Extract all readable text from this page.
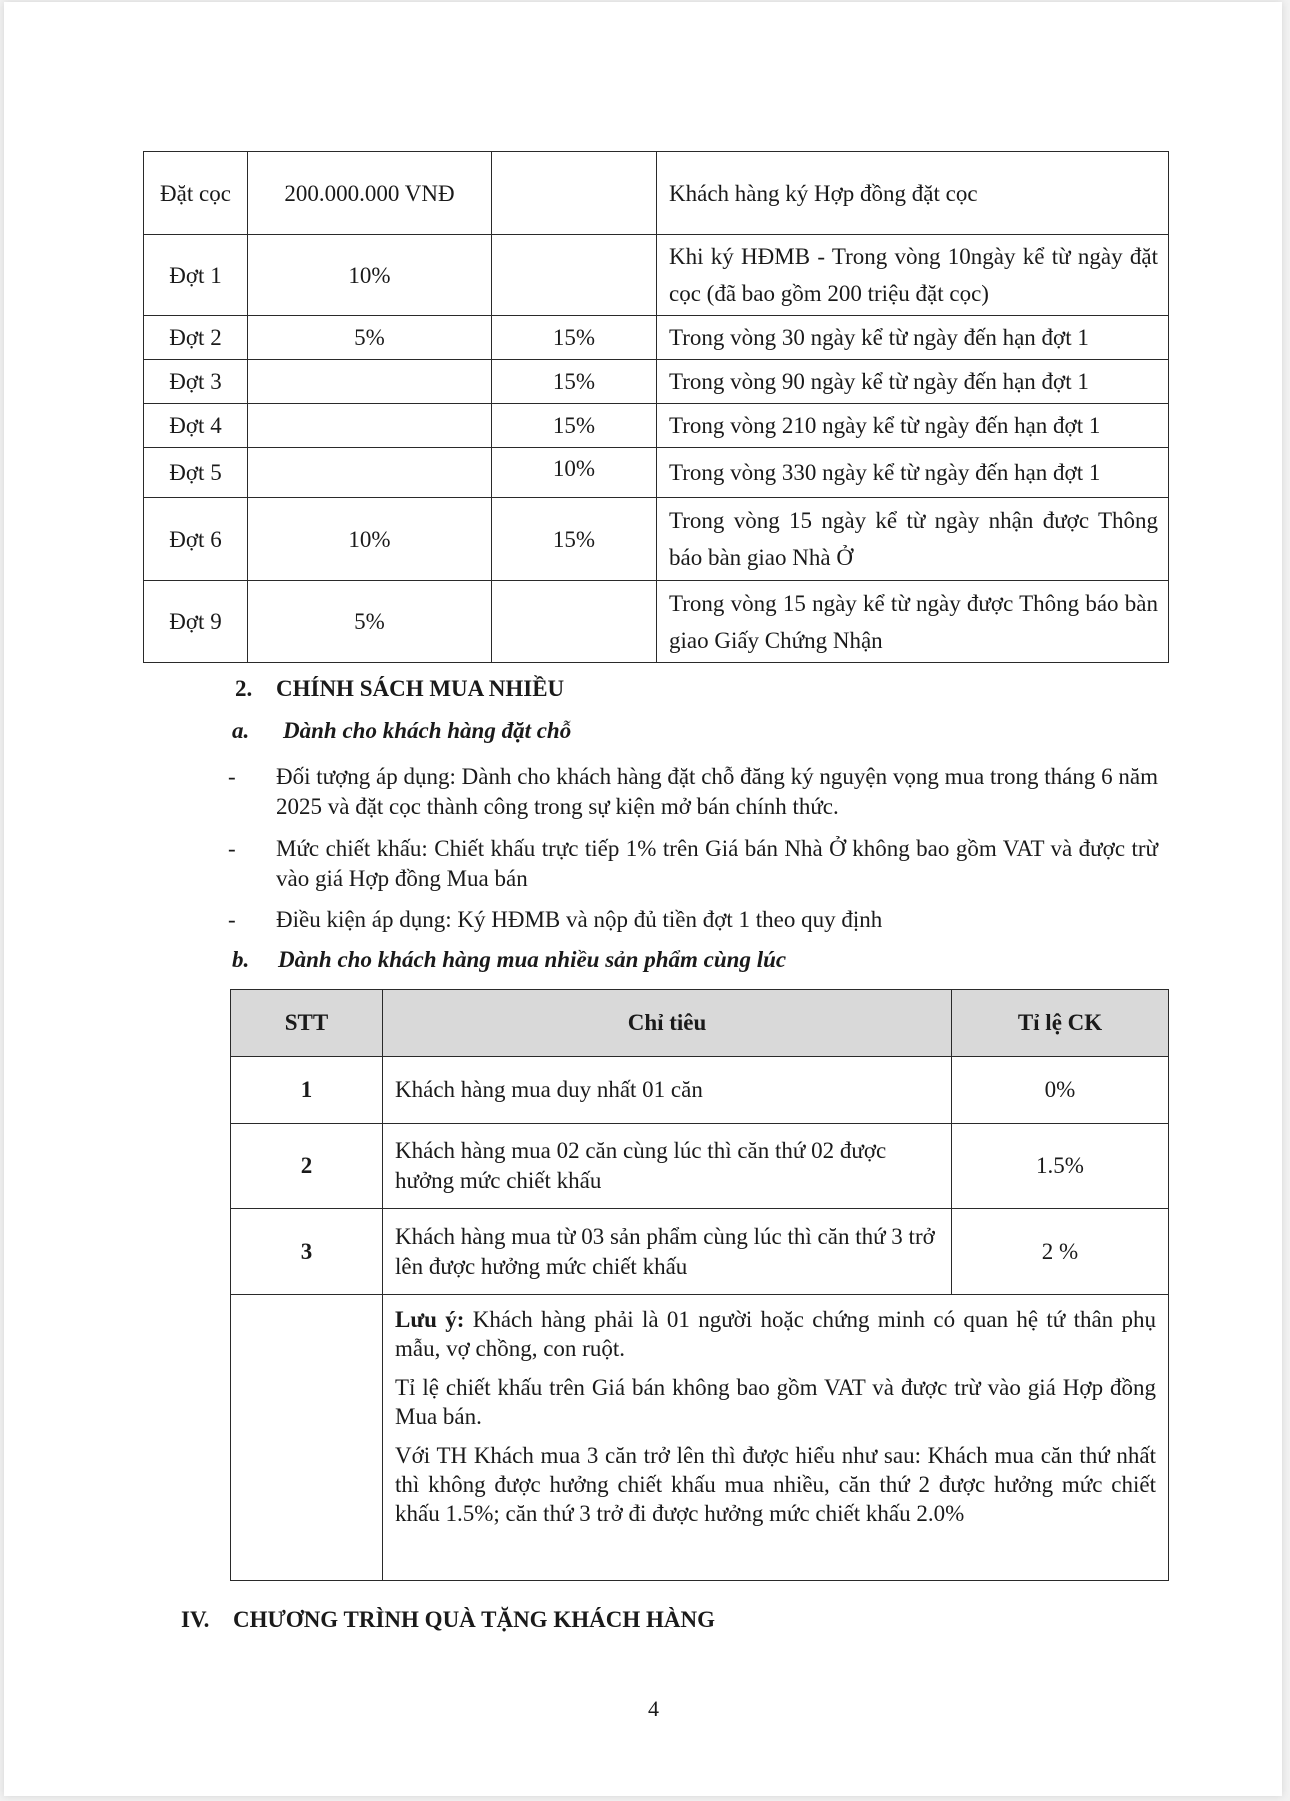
Đặt cọc	200.000.000 VNĐ		Khách hàng ký Hợp đồng đặt cọc
Đợt 1	10%		Khi ký HĐMB - Trong vòng 10ngày kể từ ngày đặt cọc (đã bao gồm 200 triệu đặt cọc)
Đợt 2	5%	15%	Trong vòng 30 ngày kể từ ngày đến hạn đợt 1
Đợt 3		15%	Trong vòng 90 ngày kể từ ngày đến hạn đợt 1
Đợt 4		15%	Trong vòng 210 ngày kể từ ngày đến hạn đợt 1
Đợt 5		10%	Trong vòng 330 ngày kể từ ngày đến hạn đợt 1
Đợt 6	10%	15%	Trong vòng 15 ngày kể từ ngày nhận được Thông báo bàn giao Nhà Ở
Đợt 9	5%		Trong vòng 15 ngày kể từ ngày được Thông báo bàn giao Giấy Chứng Nhận
2. CHÍNH SÁCH MUA NHIỀU
a. Dành cho khách hàng đặt chỗ
- Đối tượng áp dụng: Dành cho khách hàng đặt chỗ đăng ký nguyện vọng mua trong tháng 6 năm 2025 và đặt cọc thành công trong sự kiện mở bán chính thức.
- Mức chiết khấu: Chiết khấu trực tiếp 1% trên Giá bán Nhà Ở không bao gồm VAT và được trừ vào giá Hợp đồng Mua bán
- Điều kiện áp dụng: Ký HĐMB và nộp đủ tiền đợt 1 theo quy định
b. Dành cho khách hàng mua nhiều sản phẩm cùng lúc
STT	Chỉ tiêu	Tỉ lệ CK
1	Khách hàng mua duy nhất 01 căn	0%
2	Khách hàng mua 02 căn cùng lúc thì căn thứ 02 được hưởng mức chiết khấu	1.5%
3	Khách hàng mua từ 03 sản phẩm cùng lúc thì căn thứ 3 trở lên được hưởng mức chiết khấu	2 %

	Lưu ý: Khách hàng phải là 01 người hoặc chứng minh có quan hệ tứ thân phụ mẫu, vợ chồng, con ruột.

Tỉ lệ chiết khấu trên Giá bán không bao gồm VAT và được trừ vào giá Hợp đồng Mua bán.

Với TH Khách mua 3 căn trở lên thì được hiểu như sau: Khách mua căn thứ nhất thì không được hưởng chiết khấu mua nhiều, căn thứ 2 được hưởng mức chiết khấu 1.5%; căn thứ 3 trở đi được hưởng mức chiết khấu 2.0%	

IV. CHƯƠNG TRÌNH QUÀ TẶNG KHÁCH HÀNG
4
